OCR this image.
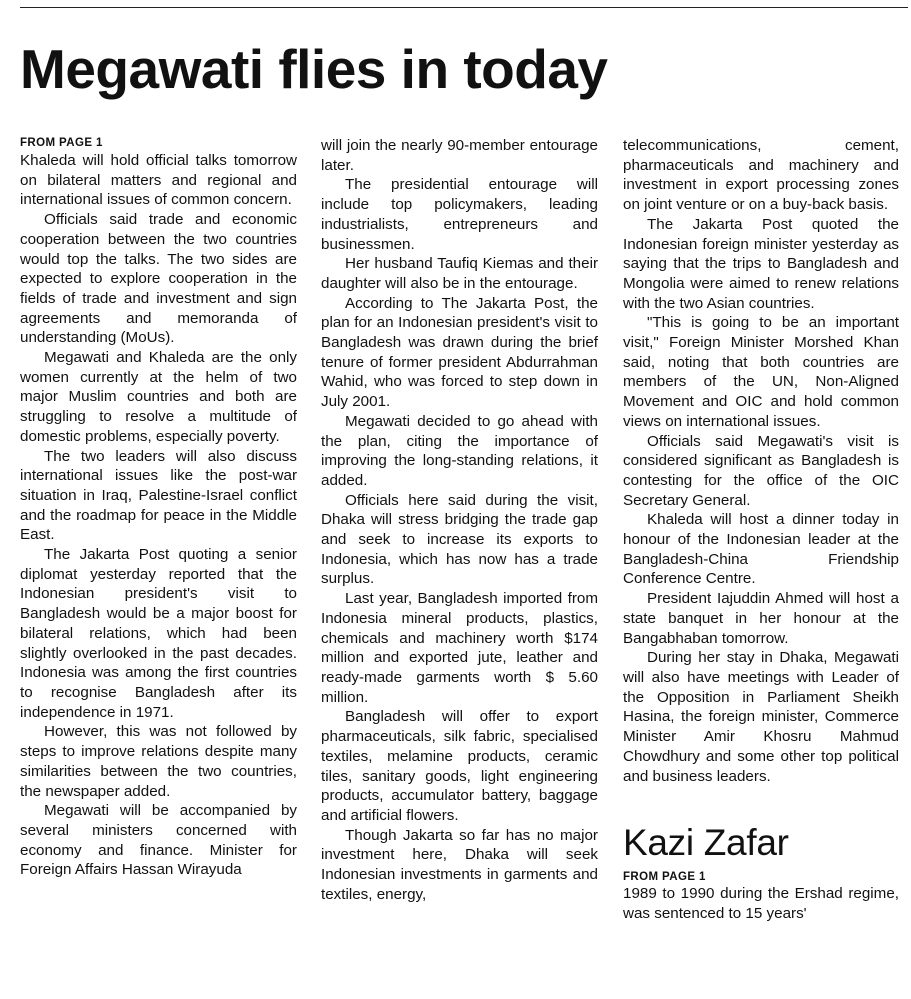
Megawati flies in today
FROM PAGE 1

Khaleda will hold official talks tomorrow on bilateral matters and regional and international issues of common concern.

Officials said trade and economic cooperation between the two countries would top the talks. The two sides are expected to explore cooperation in the fields of trade and investment and sign agreements and memoranda of understanding (MoUs).

Megawati and Khaleda are the only women currently at the helm of two major Muslim countries and both are struggling to resolve a multitude of domestic problems, especially poverty.

The two leaders will also discuss international issues like the post-war situation in Iraq, Palestine-Israel conflict and the roadmap for peace in the Middle East.

The Jakarta Post quoting a senior diplomat yesterday reported that the Indonesian president's visit to Bangladesh would be a major boost for bilateral relations, which had been slightly overlooked in the past decades. Indonesia was among the first countries to recognise Bangladesh after its independence in 1971.

However, this was not followed by steps to improve relations despite many similarities between the two countries, the newspaper added.

Megawati will be accompanied by several ministers concerned with economy and finance. Minister for Foreign Affairs Hassan Wirayuda

will join the nearly 90-member entourage later.

The presidential entourage will include top policymakers, leading industrialists, entrepreneurs and businessmen.

Her husband Taufiq Kiemas and their daughter will also be in the entourage.

According to The Jakarta Post, the plan for an Indonesian president's visit to Bangladesh was drawn during the brief tenure of former president Abdurrahman Wahid, who was forced to step down in July 2001.

Megawati decided to go ahead with the plan, citing the importance of improving the long-standing relations, it added.

Officials here said during the visit, Dhaka will stress bridging the trade gap and seek to increase its exports to Indonesia, which has now has a trade surplus.

Last year, Bangladesh imported from Indonesia mineral products, plastics, chemicals and machinery worth $174 million and exported jute, leather and ready-made garments worth $ 5.60 million.

Bangladesh will offer to export pharmaceuticals, silk fabric, specialised textiles, melamine products, ceramic tiles, sanitary goods, light engineering products, accumulator battery, baggage and artificial flowers.

Though Jakarta so far has no major investment here, Dhaka will seek Indonesian investments in garments and textiles, energy,

telecommunications, cement, pharmaceuticals and machinery and investment in export processing zones on joint venture or on a buy-back basis.

The Jakarta Post quoted the Indonesian foreign minister yesterday as saying that the trips to Bangladesh and Mongolia were aimed to renew relations with the two Asian countries.

"This is going to be an important visit," Foreign Minister Morshed Khan said, noting that both countries are members of the UN, Non-Aligned Movement and OIC and hold common views on international issues.

Officials said Megawati's visit is considered significant as Bangladesh is contesting for the office of the OIC Secretary General.

Khaleda will host a dinner today in honour of the Indonesian leader at the Bangladesh-China Friendship Conference Centre.

President Iajuddin Ahmed will host a state banquet in her honour at the Bangabhaban tomorrow.

During her stay in Dhaka, Megawati will also have meetings with Leader of the Opposition in Parliament Sheikh Hasina, the foreign minister, Commerce Minister Amir Khosru Mahmud Chowdhury and some other top political and business leaders.

Kazi Zafar
FROM PAGE 1

1989 to 1990 during the Ershad regime, was sentenced to 15 years'
